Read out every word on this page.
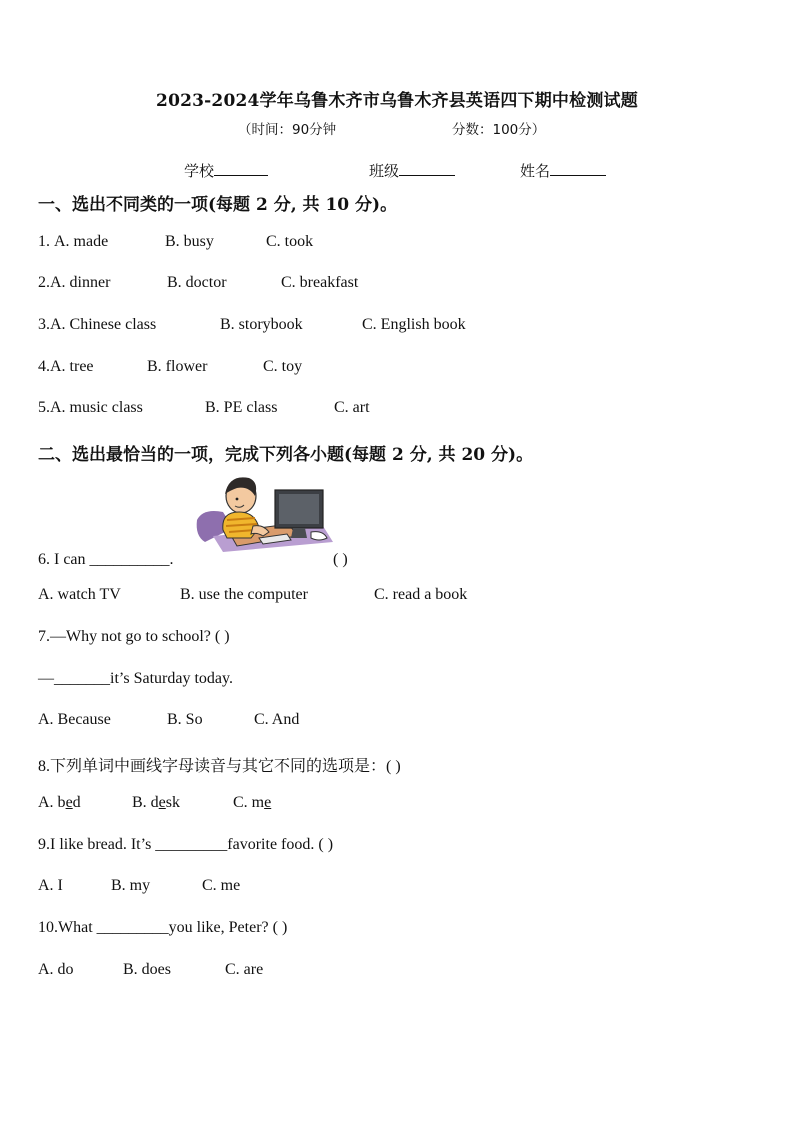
2023-2024学年乌鲁木齐市乌鲁木齐县英语四下期中检测试题
（时间：90分钟	分数：100分）
学校	班级	姓名
一、选出不同类的一项(每题 2 分, 共 10 分)。
1. A. made	B. busy	C. took
2.A. dinner	B. doctor	C. breakfast
3.A. Chinese class	B. storybook	C. English book
4.A. tree	B. flower	C. toy
5.A. music class	B. PE class	C. art
二、选出最恰当的一项，完成下列各小题(每题 2 分, 共 20 分)。
6. I can __________.	( )
A. watch TV	B. use the computer	C. read a book
7.—Why not go to school? ( )
—_______it’s Saturday today.
A. Because	B. So	C. And
8.下列单词中画线字母读音与其它不同的选项是：( )
A. bed	B. desk	C. me
9.I like bread. It’s _________favorite food. ( )
A. I	B. my	C. me
10.What _________you like, Peter? ( )
A. do	B. does	C. are
